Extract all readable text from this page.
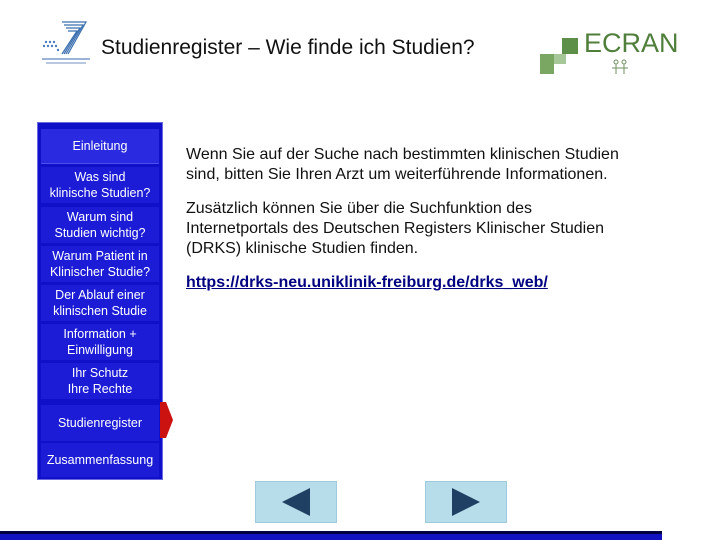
Studienregister – Wie finde ich Studien?	ECRAN
Einleitung
Was sind
klinische Studien?
Warum sind
Studien wichtig?
Warum Patient in
Klinischer Studie?
Der Ablauf einer
klinischen Studie
Information +
Einwilligung
Ihr Schutz
Ihre Rechte
Studienregister
Zusammenfassung

Wenn Sie auf der Suche nach bestimmten klinischen Studien sind, bitten Sie Ihren Arzt um weiterführende Informationen.

Zusätzlich können Sie über die Suchfunktion des Internetportals des Deutschen Registers Klinischer Studien (DRKS) klinische Studien finden.

https://drks-neu.uniklinik-freiburg.de/drks_web/
